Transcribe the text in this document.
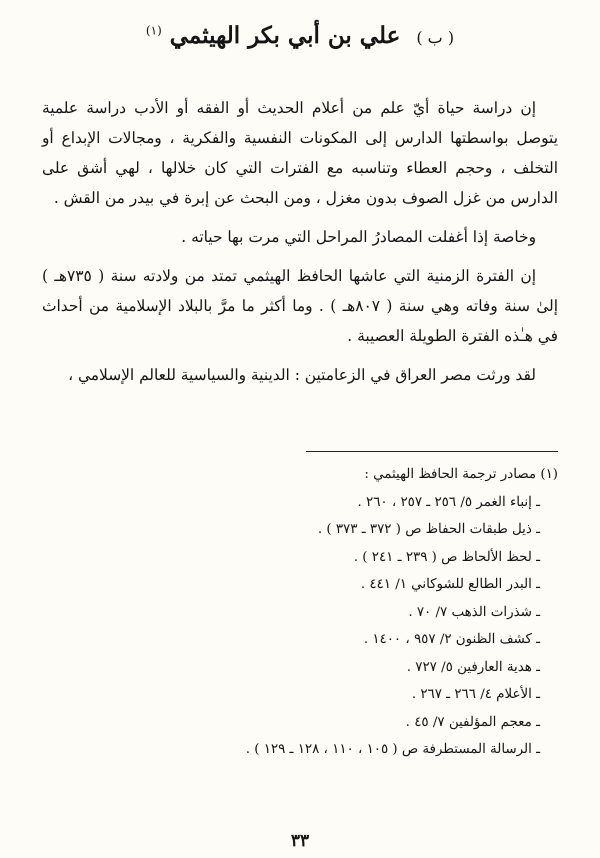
( ب ) علي بن أبي بكر الهيثمي $^{(١)}$

إن دراسة حياة أيّ علم من أعلام الحديث أو الفقه أو الأدب دراسة علمية يتوصل بواسطتها الدارس إلى المكونات النفسية والفكرية ، ومجالات الإبداع أو التخلف ، وحجم العطاء وتناسبه مع الفترات التي كان خلالها ، لهي أشق على الدارس من غزل الصوف بدون مغزل ، ومن البحث عن إبرة في بيدر من القش .

وخاصة إذا أغفلت المصادرُ المراحل التي مرت بها حياته .

إن الفترة الزمنية التي عاشها الحافظ الهيثمي تمتد من ولادته سنة ( ٧٣٥هـ ) إلىٰ سنة وفاته وهي سنة ( ٨٠٧هـ ) . وما أكثر ما مرَّ بالبلاد الإسلامية من أحداث في هـٰذه الفترة الطويلة العصيبة .

لقد ورثت مصر العراق في الزعامتين : الدينية والسياسية للعالم الإسلامي ،

(١) مصادر ترجمة الحافظ الهيثمي :

ـ إنباء الغمر ٥/ ٢٥٦ ـ ٢٥٧ ، ٢٦٠ .
ـ ذيل طبقات الحفاظ ص ( ٣٧٢ ـ ٣٧٣ ) .
ـ لحظ الألحاظ ص ( ٢٣٩ ـ ٢٤١ ) .
ـ البدر الطالع للشوكاني ١/ ٤٤١ .
ـ شذرات الذهب ٧/ ٧٠ .
ـ كشف الظنون ٢/ ٩٥٧ ، ١٤٠٠ .
ـ هدية العارفين ٥/ ٧٢٧ .
ـ الأعلام ٤/ ٢٦٦ ـ ٢٦٧ .
ـ معجم المؤلفين ٧/ ٤٥ .
ـ الرسالة المستطرفة ص ( ١٠٥ ، ١١٠ ، ١٢٨ ـ ١٢٩ ) .
٣٣
